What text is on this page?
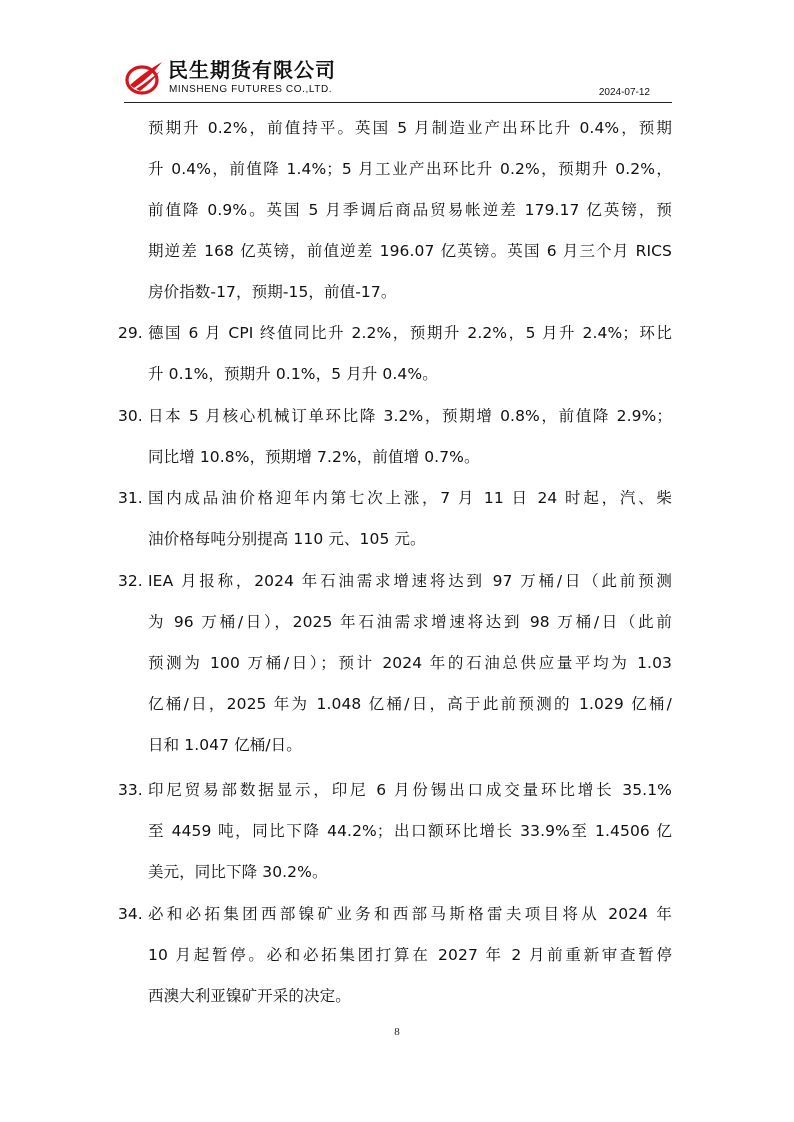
民生期货有限公司
MINSHENG FUTURES CO.,LTD.	2024-07-12
预期升 0.2%，前值持平。英国 5 月制造业产出环比升 0.4%，预期
升 0.4%，前值降 1.4%；5 月工业产出环比升 0.2%，预期升 0.2%，
前值降 0.9%。英国 5 月季调后商品贸易帐逆差 179.17 亿英镑，预
期逆差 168 亿英镑，前值逆差 196.07 亿英镑。英国 6 月三个月 RICS
房价指数-17，预期-15，前值-17。
29. 德国 6 月 CPI 终值同比升 2.2%，预期升 2.2%，5 月升 2.4%；环比
升 0.1%，预期升 0.1%，5 月升 0.4%。
30. 日本 5 月核心机械订单环比降 3.2%，预期增 0.8%，前值降 2.9%；
同比增 10.8%，预期增 7.2%，前值增 0.7%。
31. 国内成品油价格迎年内第七次上涨，7 月 11 日 24 时起，汽、柴
油价格每吨分别提高 110 元、105 元。
32. IEA 月报称，2024 年石油需求增速将达到 97 万桶/日（此前预测
为 96 万桶/日），2025 年石油需求增速将达到 98 万桶/日（此前
预测为 100 万桶/日）；预计 2024 年的石油总供应量平均为 1.03
亿桶/日，2025 年为 1.048 亿桶/日，高于此前预测的 1.029 亿桶/
日和 1.047 亿桶/日。
33. 印尼贸易部数据显示，印尼 6 月份锡出口成交量环比增长 35.1%
至 4459 吨，同比下降 44.2%；出口额环比增长 33.9%至 1.4506 亿
美元，同比下降 30.2%。
34. 必和必拓集团西部镍矿业务和西部马斯格雷夫项目将从 2024 年
10 月起暂停。必和必拓集团打算在 2027 年 2 月前重新审查暂停
西澳大利亚镍矿开采的决定。
8
